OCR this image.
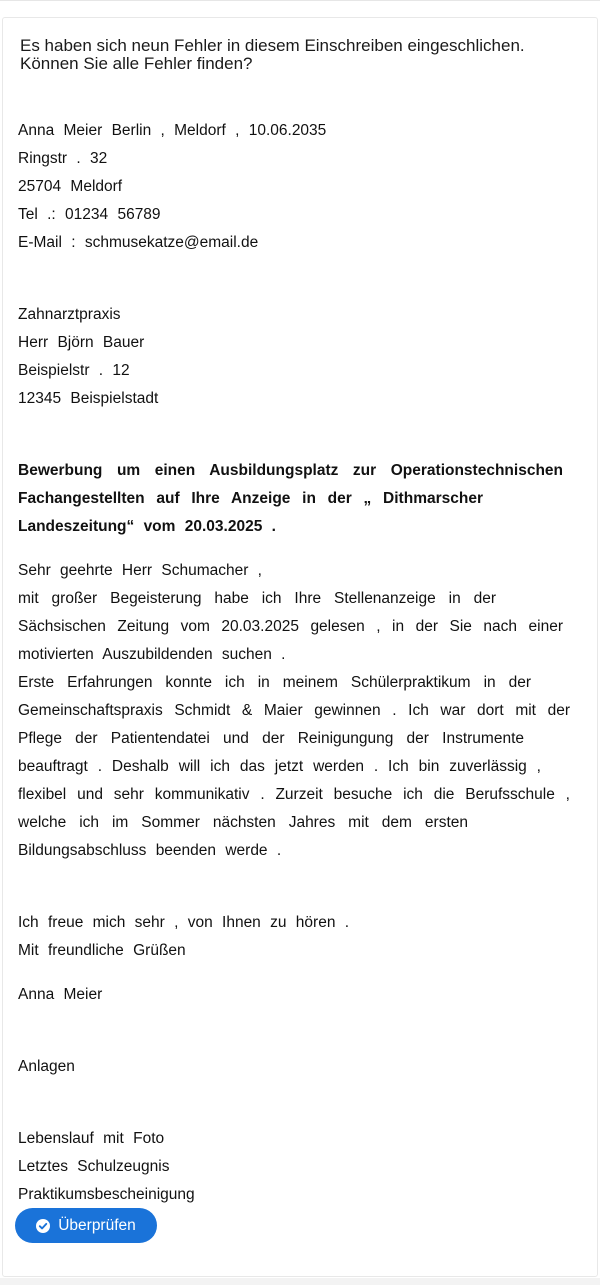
Es haben sich neun Fehler in diesem Einschreiben eingeschlichen.
Können Sie alle Fehler finden?
Anna Meier Berlin , Meldorf , 10.06.2035
Ringstr . 32
25704 Meldorf
Tel .: 01234 56789
E-Mail : schmusekatze@email.de
Zahnarztpraxis
Herr Björn Bauer
Beispielstr . 12
12345 Beispielstadt
Bewerbung um einen Ausbildungsplatz zur Operationstechnischen
Fachangestellten auf Ihre Anzeige in der „ Dithmarscher
Landeszeitung“ vom 20.03.2025 .
Sehr geehrte Herr Schumacher ,
mit großer Begeisterung habe ich Ihre Stellenanzeige in der
Sächsischen Zeitung vom 20.03.2025 gelesen , in der Sie nach einer
motivierten Auszubildenden suchen .
Erste Erfahrungen konnte ich in meinem Schülerpraktikum in der
Gemeinschaftspraxis Schmidt & Maier gewinnen . Ich war dort mit der
Pflege der Patientendatei und der Reinigungung der Instrumente
beauftragt . Deshalb will ich das jetzt werden . Ich bin zuverlässig ,
flexibel und sehr kommunikativ . Zurzeit besuche ich die Berufsschule ,
welche ich im Sommer nächsten Jahres mit dem ersten
Bildungsabschluss beenden werde .
Ich freue mich sehr , von Ihnen zu hören .
Mit freundliche Grüßen
Anna Meier
Anlagen
Lebenslauf mit Foto
Letztes Schulzeugnis
Praktikumsbescheinigung
Überprüfen
